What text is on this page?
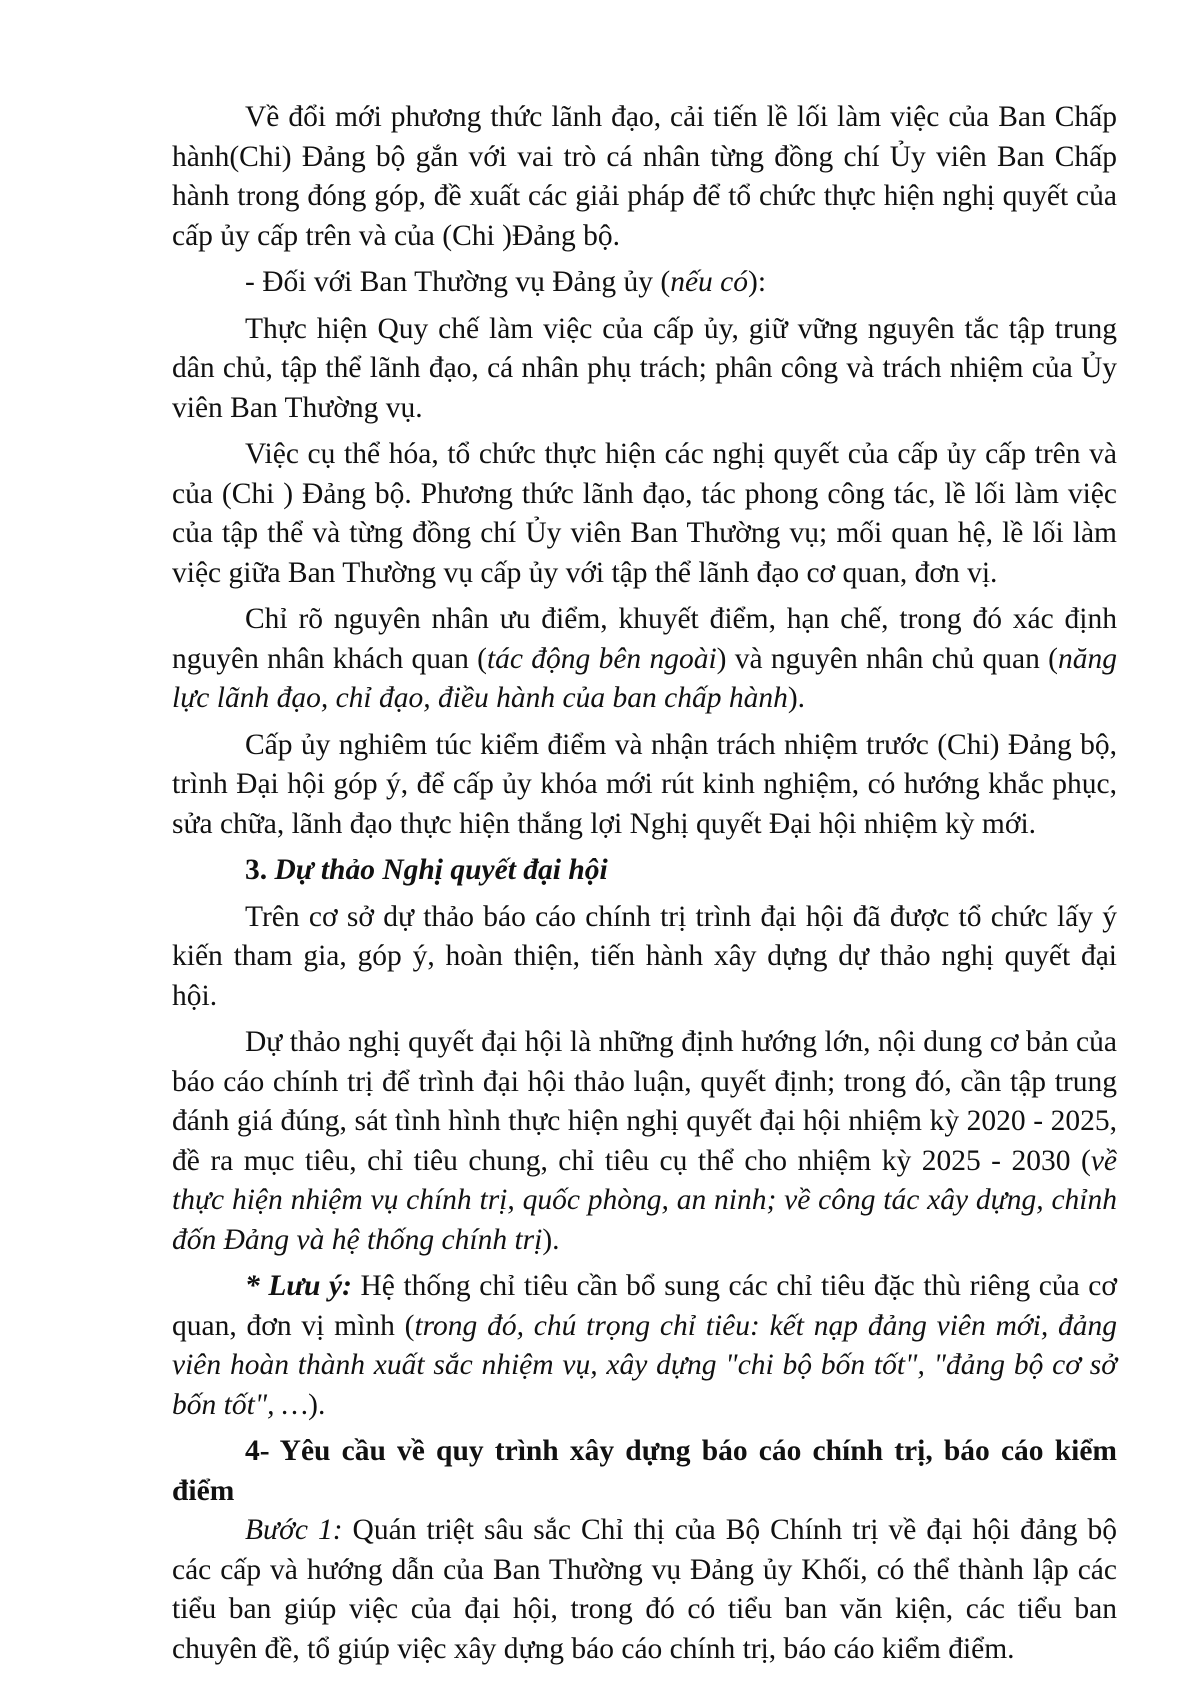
Về đổi mới phương thức lãnh đạo, cải tiến lề lối làm việc của Ban Chấp hành(Chi) Đảng bộ gắn với vai trò cá nhân từng đồng chí Ủy viên Ban Chấp hành trong đóng góp, đề xuất các giải pháp để tổ chức thực hiện nghị quyết của cấp ủy cấp trên và của (Chi )Đảng bộ.

- Đối với Ban Thường vụ Đảng ủy (nếu có):

Thực hiện Quy chế làm việc của cấp ủy, giữ vững nguyên tắc tập trung dân chủ, tập thể lãnh đạo, cá nhân phụ trách; phân công và trách nhiệm của Ủy viên Ban Thường vụ.

Việc cụ thể hóa, tổ chức thực hiện các nghị quyết của cấp ủy cấp trên và của (Chi ) Đảng bộ. Phương thức lãnh đạo, tác phong công tác, lề lối làm việc của tập thể và từng đồng chí Ủy viên Ban Thường vụ; mối quan hệ, lề lối làm việc giữa Ban Thường vụ cấp ủy với tập thể lãnh đạo cơ quan, đơn vị.

Chỉ rõ nguyên nhân ưu điểm, khuyết điểm, hạn chế, trong đó xác định nguyên nhân khách quan (tác động bên ngoài) và nguyên nhân chủ quan (năng lực lãnh đạo, chỉ đạo, điều hành của ban chấp hành).

Cấp ủy nghiêm túc kiểm điểm và nhận trách nhiệm trước (Chi) Đảng bộ, trình Đại hội góp ý, để cấp ủy khóa mới rút kinh nghiệm, có hướng khắc phục, sửa chữa, lãnh đạo thực hiện thắng lợi Nghị quyết Đại hội nhiệm kỳ mới.

3. Dự thảo Nghị quyết đại hội

Trên cơ sở dự thảo báo cáo chính trị trình đại hội đã được tổ chức lấy ý kiến tham gia, góp ý, hoàn thiện, tiến hành xây dựng dự thảo nghị quyết đại hội.

Dự thảo nghị quyết đại hội là những định hướng lớn, nội dung cơ bản của báo cáo chính trị để trình đại hội thảo luận, quyết định; trong đó, cần tập trung đánh giá đúng, sát tình hình thực hiện nghị quyết đại hội nhiệm kỳ 2020 - 2025, đề ra mục tiêu, chỉ tiêu chung, chỉ tiêu cụ thể cho nhiệm kỳ 2025 - 2030 (về thực hiện nhiệm vụ chính trị, quốc phòng, an ninh; về công tác xây dựng, chỉnh đốn Đảng và hệ thống chính trị).

* Lưu ý: Hệ thống chỉ tiêu cần bổ sung các chỉ tiêu đặc thù riêng của cơ quan, đơn vị mình (trong đó, chú trọng chỉ tiêu: kết nạp đảng viên mới, đảng viên hoàn thành xuất sắc nhiệm vụ, xây dựng "chi bộ bốn tốt", "đảng bộ cơ sở bốn tốt", …).

4- Yêu cầu về quy trình xây dựng báo cáo chính trị, báo cáo kiểm điểm

Bước 1: Quán triệt sâu sắc Chỉ thị của Bộ Chính trị về đại hội đảng bộ các cấp và hướng dẫn của Ban Thường vụ Đảng ủy Khối, có thể thành lập các tiểu ban giúp việc của đại hội, trong đó có tiểu ban văn kiện, các tiểu ban chuyên đề, tổ giúp việc xây dựng báo cáo chính trị, báo cáo kiểm điểm.
